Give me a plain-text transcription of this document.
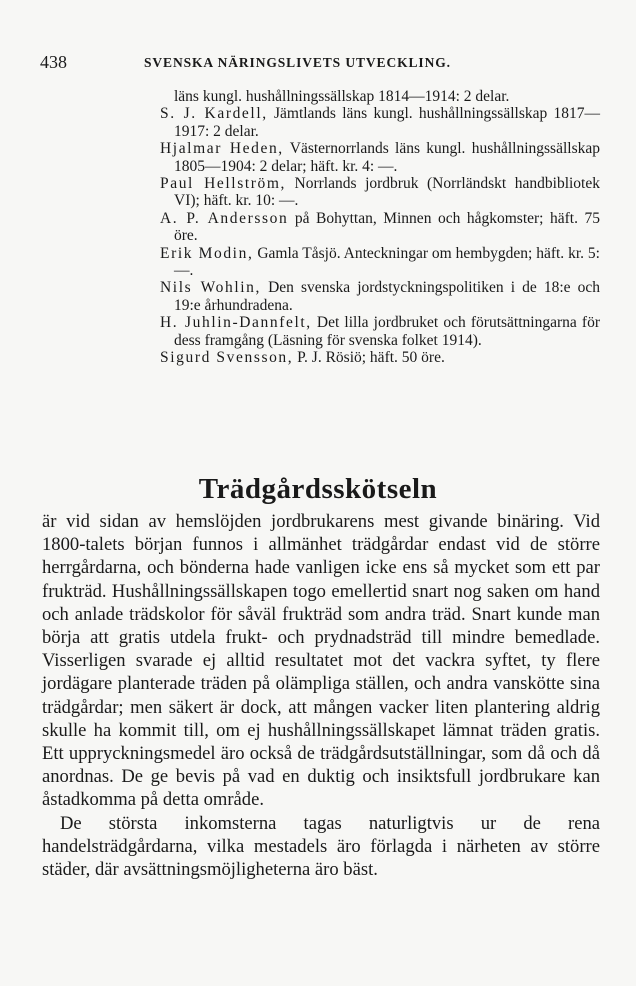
438	SVENSKA NÄRINGSLIVETS UTVECKLING.
läns kungl. hushållningssällskap 1814—1914: 2 delar.
S. J. Kardell, Jämtlands läns kungl. hushållningssällskap 1817—1917: 2 delar.
Hjalmar Heden, Västernorrlands läns kungl. hushållningssällskap 1805—1904: 2 delar; häft. kr. 4: —.
Paul Hellström, Norrlands jordbruk (Norrländskt handbibliotek VI); häft. kr. 10: —.
A. P. Andersson på Bohyttan, Minnen och hågkomster; häft. 75 öre.
Erik Modin, Gamla Tåsjö. Anteckningar om hembygden; häft. kr. 5: —.
Nils Wohlin, Den svenska jordstyckningspolitiken i de 18:e och 19:e århundradena.
H. Juhlin-Dannfelt, Det lilla jordbruket och förutsättningarna för dess framgång (Läsning för svenska folket 1914).
Sigurd Svensson, P. J. Rösiö; häft. 50 öre.
Trädgårdsskötseln

är vid sidan av hemslöjden jordbrukarens mest givande binäring. Vid 1800-talets början funnos i allmänhet trädgårdar endast vid de större herrgårdarna, och bönderna hade vanligen icke ens så mycket som ett par frukträd. Hushållningssällskapen togo emellertid snart nog saken om hand och anlade trädskolor för såväl frukträd som andra träd. Snart kunde man börja att gratis utdela frukt- och prydnadsträd till mindre bemedlade. Visserligen svarade ej alltid resultatet mot det vackra syftet, ty flere jordägare planterade träden på olämpliga ställen, och andra vanskötte sina trädgårdar; men säkert är dock, att mången vacker liten plantering aldrig skulle ha kommit till, om ej hushållningssällskapet lämnat träden gratis. Ett uppryckningsmedel äro också de trädgårdsutställningar, som då och då anordnas. De ge bevis på vad en duktig och insiktsfull jordbrukare kan åstadkomma på detta område.

De största inkomsterna tagas naturligtvis ur de rena handelsträdgårdarna, vilka mestadels äro förlagda i närheten av större städer, där avsättningsmöjligheterna äro bäst.
